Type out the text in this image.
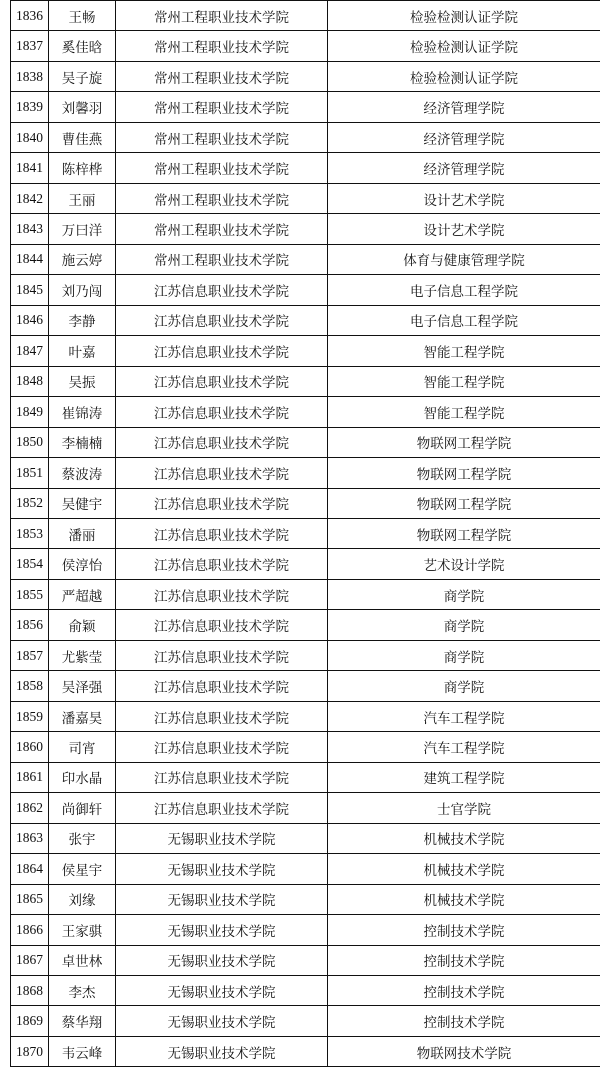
1836	王畅	常州工程职业技术学院	检验检测认证学院	
1837	奚佳晗	常州工程职业技术学院	检验检测认证学院	
1838	吴子旋	常州工程职业技术学院	检验检测认证学院	
1839	刘馨羽	常州工程职业技术学院	经济管理学院	
1840	曹佳燕	常州工程职业技术学院	经济管理学院	
1841	陈梓桦	常州工程职业技术学院	经济管理学院	
1842	王丽	常州工程职业技术学院	设计艺术学院	
1843	万曰洋	常州工程职业技术学院	设计艺术学院	
1844	施云婷	常州工程职业技术学院	体育与健康管理学院	
1845	刘乃闯	江苏信息职业技术学院	电子信息工程学院	
1846	李静	江苏信息职业技术学院	电子信息工程学院	
1847	叶嘉	江苏信息职业技术学院	智能工程学院	
1848	吴振	江苏信息职业技术学院	智能工程学院	
1849	崔锦涛	江苏信息职业技术学院	智能工程学院	
1850	李楠楠	江苏信息职业技术学院	物联网工程学院	
1851	蔡波涛	江苏信息职业技术学院	物联网工程学院	
1852	吴健宇	江苏信息职业技术学院	物联网工程学院	
1853	潘丽	江苏信息职业技术学院	物联网工程学院	
1854	侯淳怡	江苏信息职业技术学院	艺术设计学院	
1855	严超越	江苏信息职业技术学院	商学院	
1856	俞颖	江苏信息职业技术学院	商学院	
1857	尤紫莹	江苏信息职业技术学院	商学院	
1858	吴泽强	江苏信息职业技术学院	商学院	
1859	潘嘉昊	江苏信息职业技术学院	汽车工程学院	
1860	司宵	江苏信息职业技术学院	汽车工程学院	
1861	印水晶	江苏信息职业技术学院	建筑工程学院	
1862	尚御轩	江苏信息职业技术学院	士官学院	
1863	张宇	无锡职业技术学院	机械技术学院	
1864	侯星宇	无锡职业技术学院	机械技术学院	
1865	刘缘	无锡职业技术学院	机械技术学院	
1866	王家骐	无锡职业技术学院	控制技术学院	
1867	卓世林	无锡职业技术学院	控制技术学院	
1868	李杰	无锡职业技术学院	控制技术学院	
1869	蔡华翔	无锡职业技术学院	控制技术学院	
1870	韦云峰	无锡职业技术学院	物联网技术学院	
